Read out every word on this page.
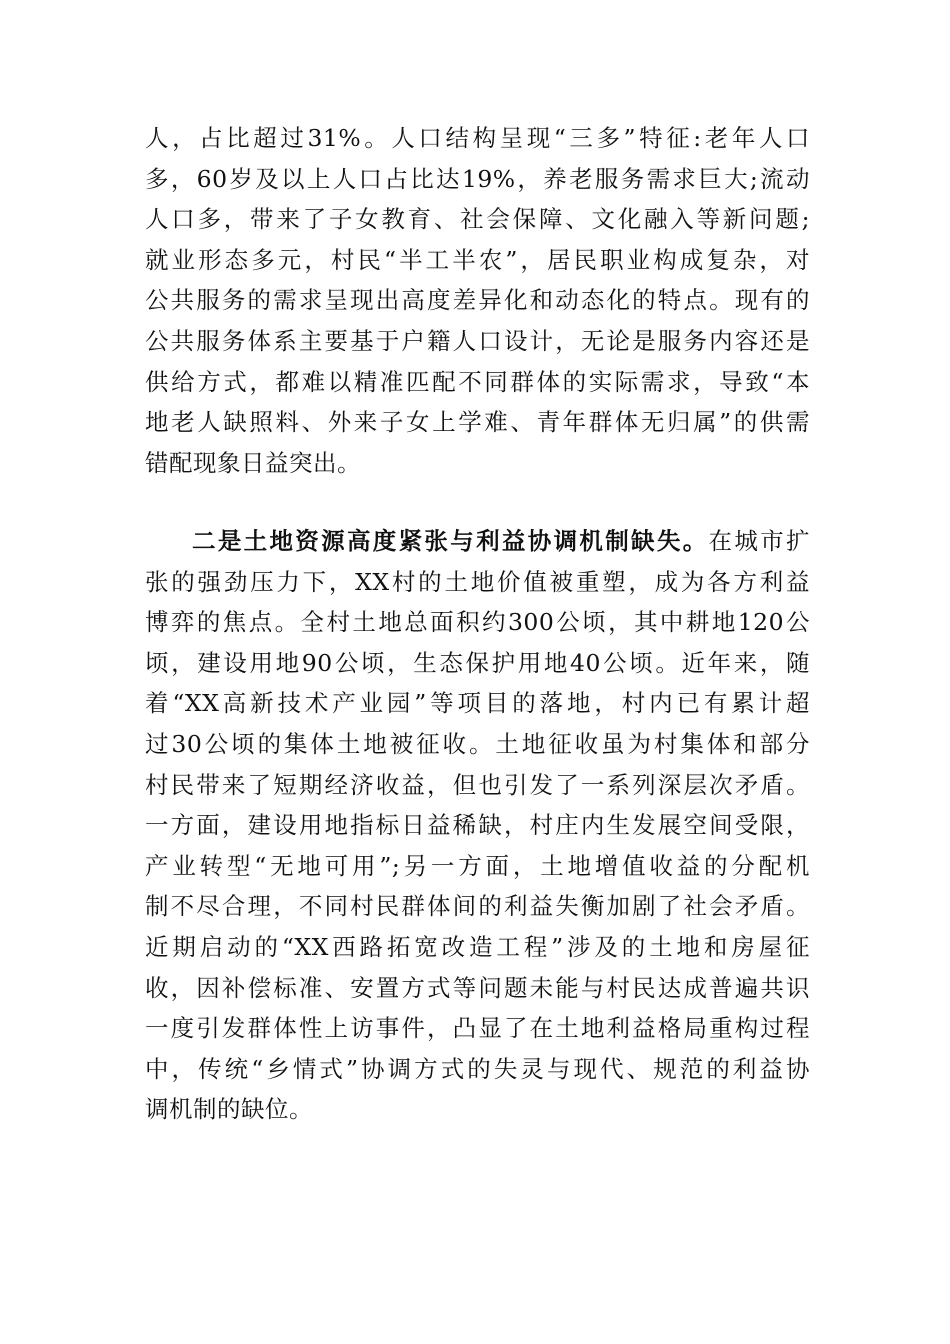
人，占比超过31%。人口结构呈现“三多”特征:老年人口
多，60岁及以上人口占比达19%，养老服务需求巨大;流动
人口多，带来了子女教育、社会保障、文化融入等新问题;
就业形态多元，村民“半工半农”，居民职业构成复杂，对
公共服务的需求呈现出高度差异化和动态化的特点。现有的
公共服务体系主要基于户籍人口设计，无论是服务内容还是
供给方式，都难以精准匹配不同群体的实际需求，导致“本
地老人缺照料、外来子女上学难、青年群体无归属”的供需
错配现象日益突出。
二是土地资源高度紧张与利益协调机制缺失。在城市扩
张的强劲压力下，XX村的土地价值被重塑，成为各方利益
博弈的焦点。全村土地总面积约300公顷，其中耕地120公
顷，建设用地90公顷，生态保护用地40公顷。近年来，随
着“XX高新技术产业园”等项目的落地，村内已有累计超
过30公顷的集体土地被征收。土地征收虽为村集体和部分
村民带来了短期经济收益，但也引发了一系列深层次矛盾。
一方面，建设用地指标日益稀缺，村庄内生发展空间受限，
产业转型“无地可用”;另一方面，土地增值收益的分配机
制不尽合理，不同村民群体间的利益失衡加剧了社会矛盾。
近期启动的“XX西路拓宽改造工程”涉及的土地和房屋征
收，因补偿标准、安置方式等问题未能与村民达成普遍共识
一度引发群体性上访事件，凸显了在土地利益格局重构过程
中，传统“乡情式”协调方式的失灵与现代、规范的利益协
调机制的缺位。
